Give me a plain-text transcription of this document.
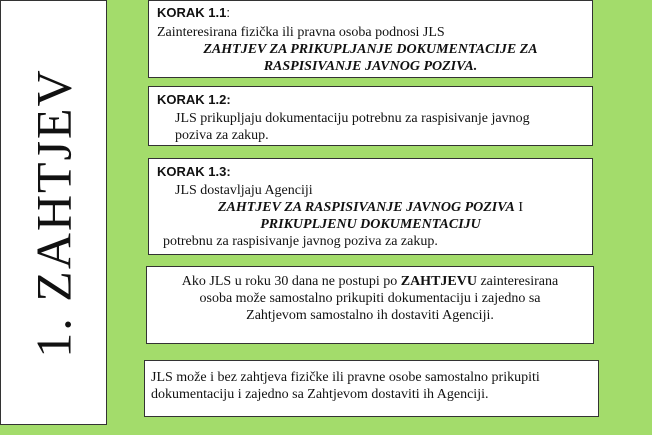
1. ZAHTJEV
KORAK 1.1:
Zainteresirana fizička ili pravna osoba podnosi JLS
ZAHTJEV ZA PRIKUPLJANJE DOKUMENTACIJE ZA
RASPISIVANJE JAVNOG POZIVA.
KORAK 1.2:
JLS prikupljaju dokumentaciju potrebnu za raspisivanje javnog
poziva za zakup.
KORAK 1.3:
JLS dostavljaju Agenciji
ZAHTJEV ZA RASPISIVANJE JAVNOG POZIVA I
PRIKUPLJENU DOKUMENTACIJU
potrebnu za raspisivanje javnog poziva za zakup.
Ako JLS u roku 30 dana ne postupi po ZAHTJEVU zainteresirana
osoba može samostalno prikupiti dokumentaciju i zajedno sa
Zahtjevom samostalno ih dostaviti Agenciji.
JLS može i bez zahtjeva fizičke ili pravne osobe samostalno prikupiti
dokumentaciju i zajedno sa Zahtjevom dostaviti ih Agenciji.
